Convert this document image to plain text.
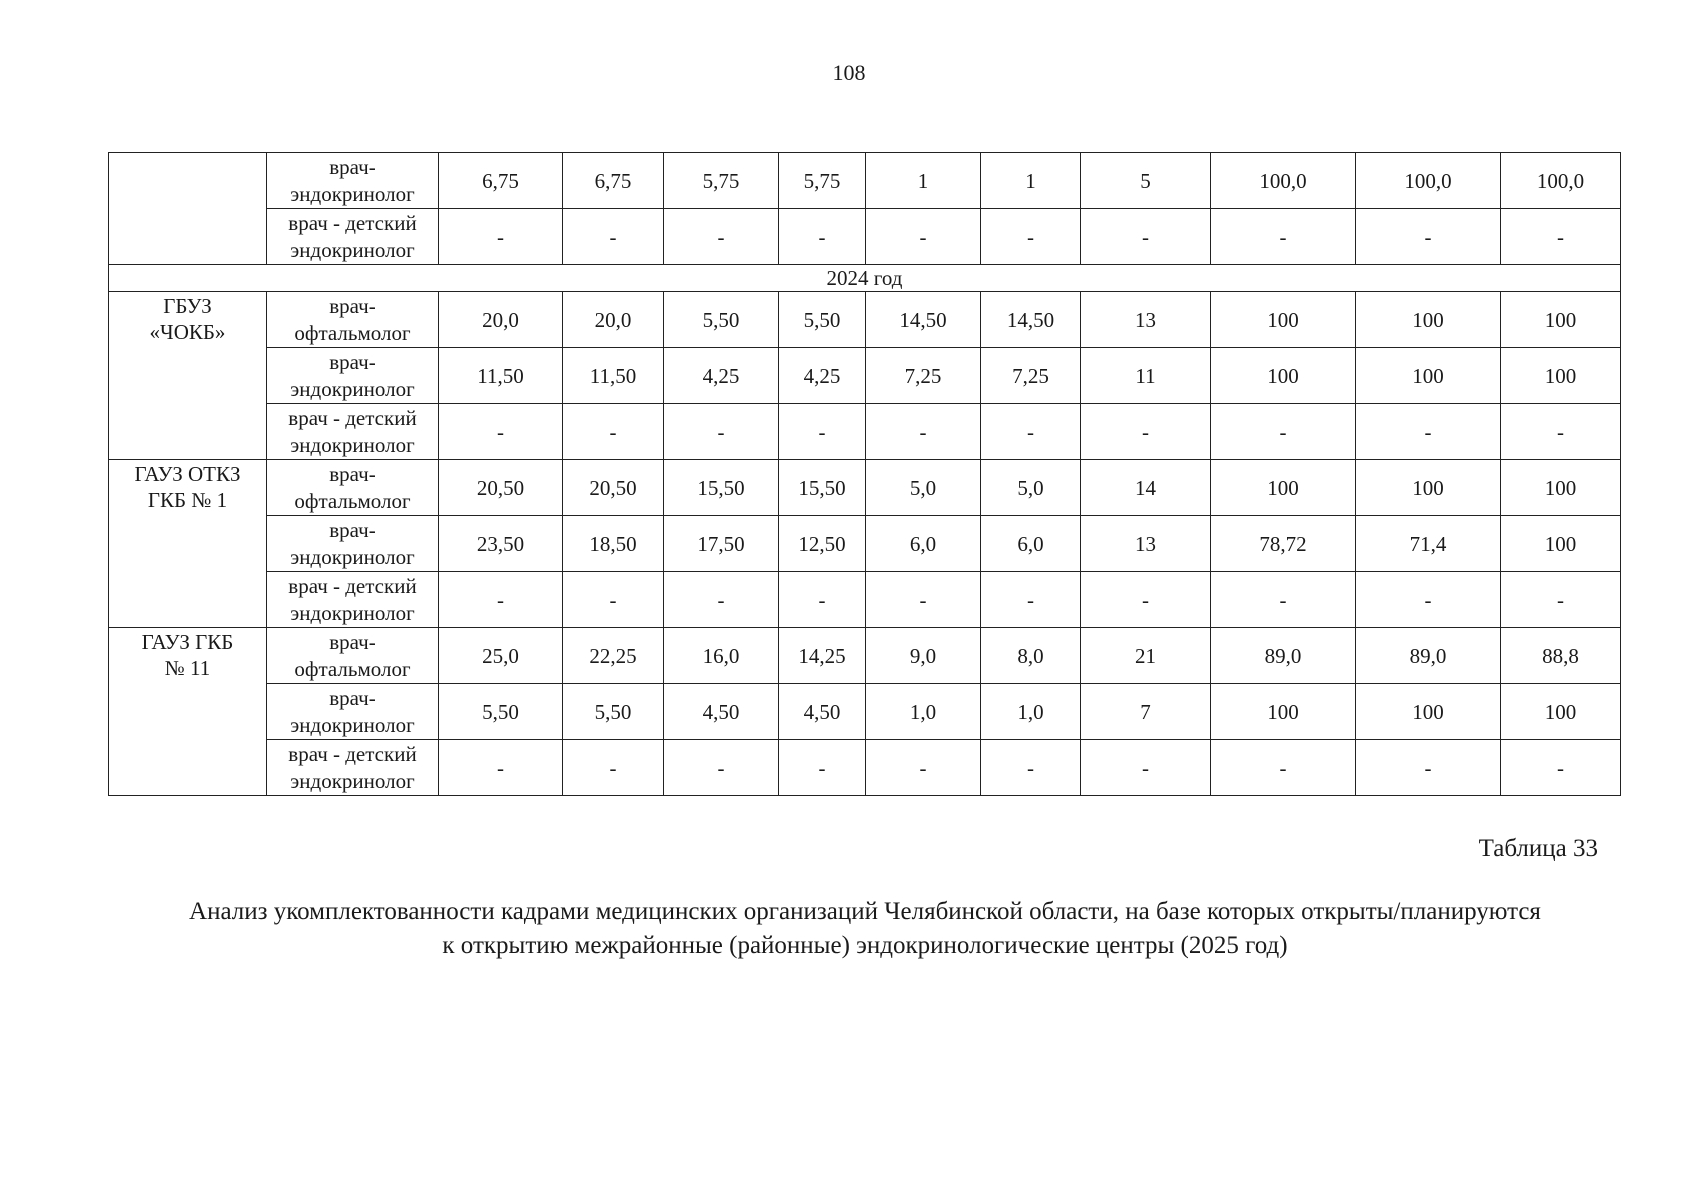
108
	врач-
эндокринолог	6,75	6,75	5,75	5,75	1	1	5	100,0	100,0	100,0
	врач - детский
эндокринолог	-	-	-	-	-	-	-	-	-	-
2024 год											
ГБУЗ
«ЧОКБ»	врач-
офтальмолог	20,0	20,0	5,50	5,50	14,50	14,50	13	100	100	100
	врач-
эндокринолог	11,50	11,50	4,25	4,25	7,25	7,25	11	100	100	100
	врач - детский
эндокринолог	-	-	-	-	-	-	-	-	-	-
ГАУЗ ОТКЗ
ГКБ № 1	врач-
офтальмолог	20,50	20,50	15,50	15,50	5,0	5,0	14	100	100	100
	врач-
эндокринолог	23,50	18,50	17,50	12,50	6,0	6,0	13	78,72	71,4	100
	врач - детский
эндокринолог	-	-	-	-	-	-	-	-	-	-
ГАУЗ ГКБ
№ 11	врач-
офтальмолог	25,0	22,25	16,0	14,25	9,0	8,0	21	89,0	89,0	88,8
	врач-
эндокринолог	5,50	5,50	4,50	4,50	1,0	1,0	7	100	100	100
	врач - детский
эндокринолог	-	-	-	-	-	-	-	-	-	-
Таблица 33
Анализ укомплектованности кадрами медицинских организаций Челябинской области, на базе которых открыты/планируются к открытию межрайонные (районные) эндокринологические центры (2025 год)
